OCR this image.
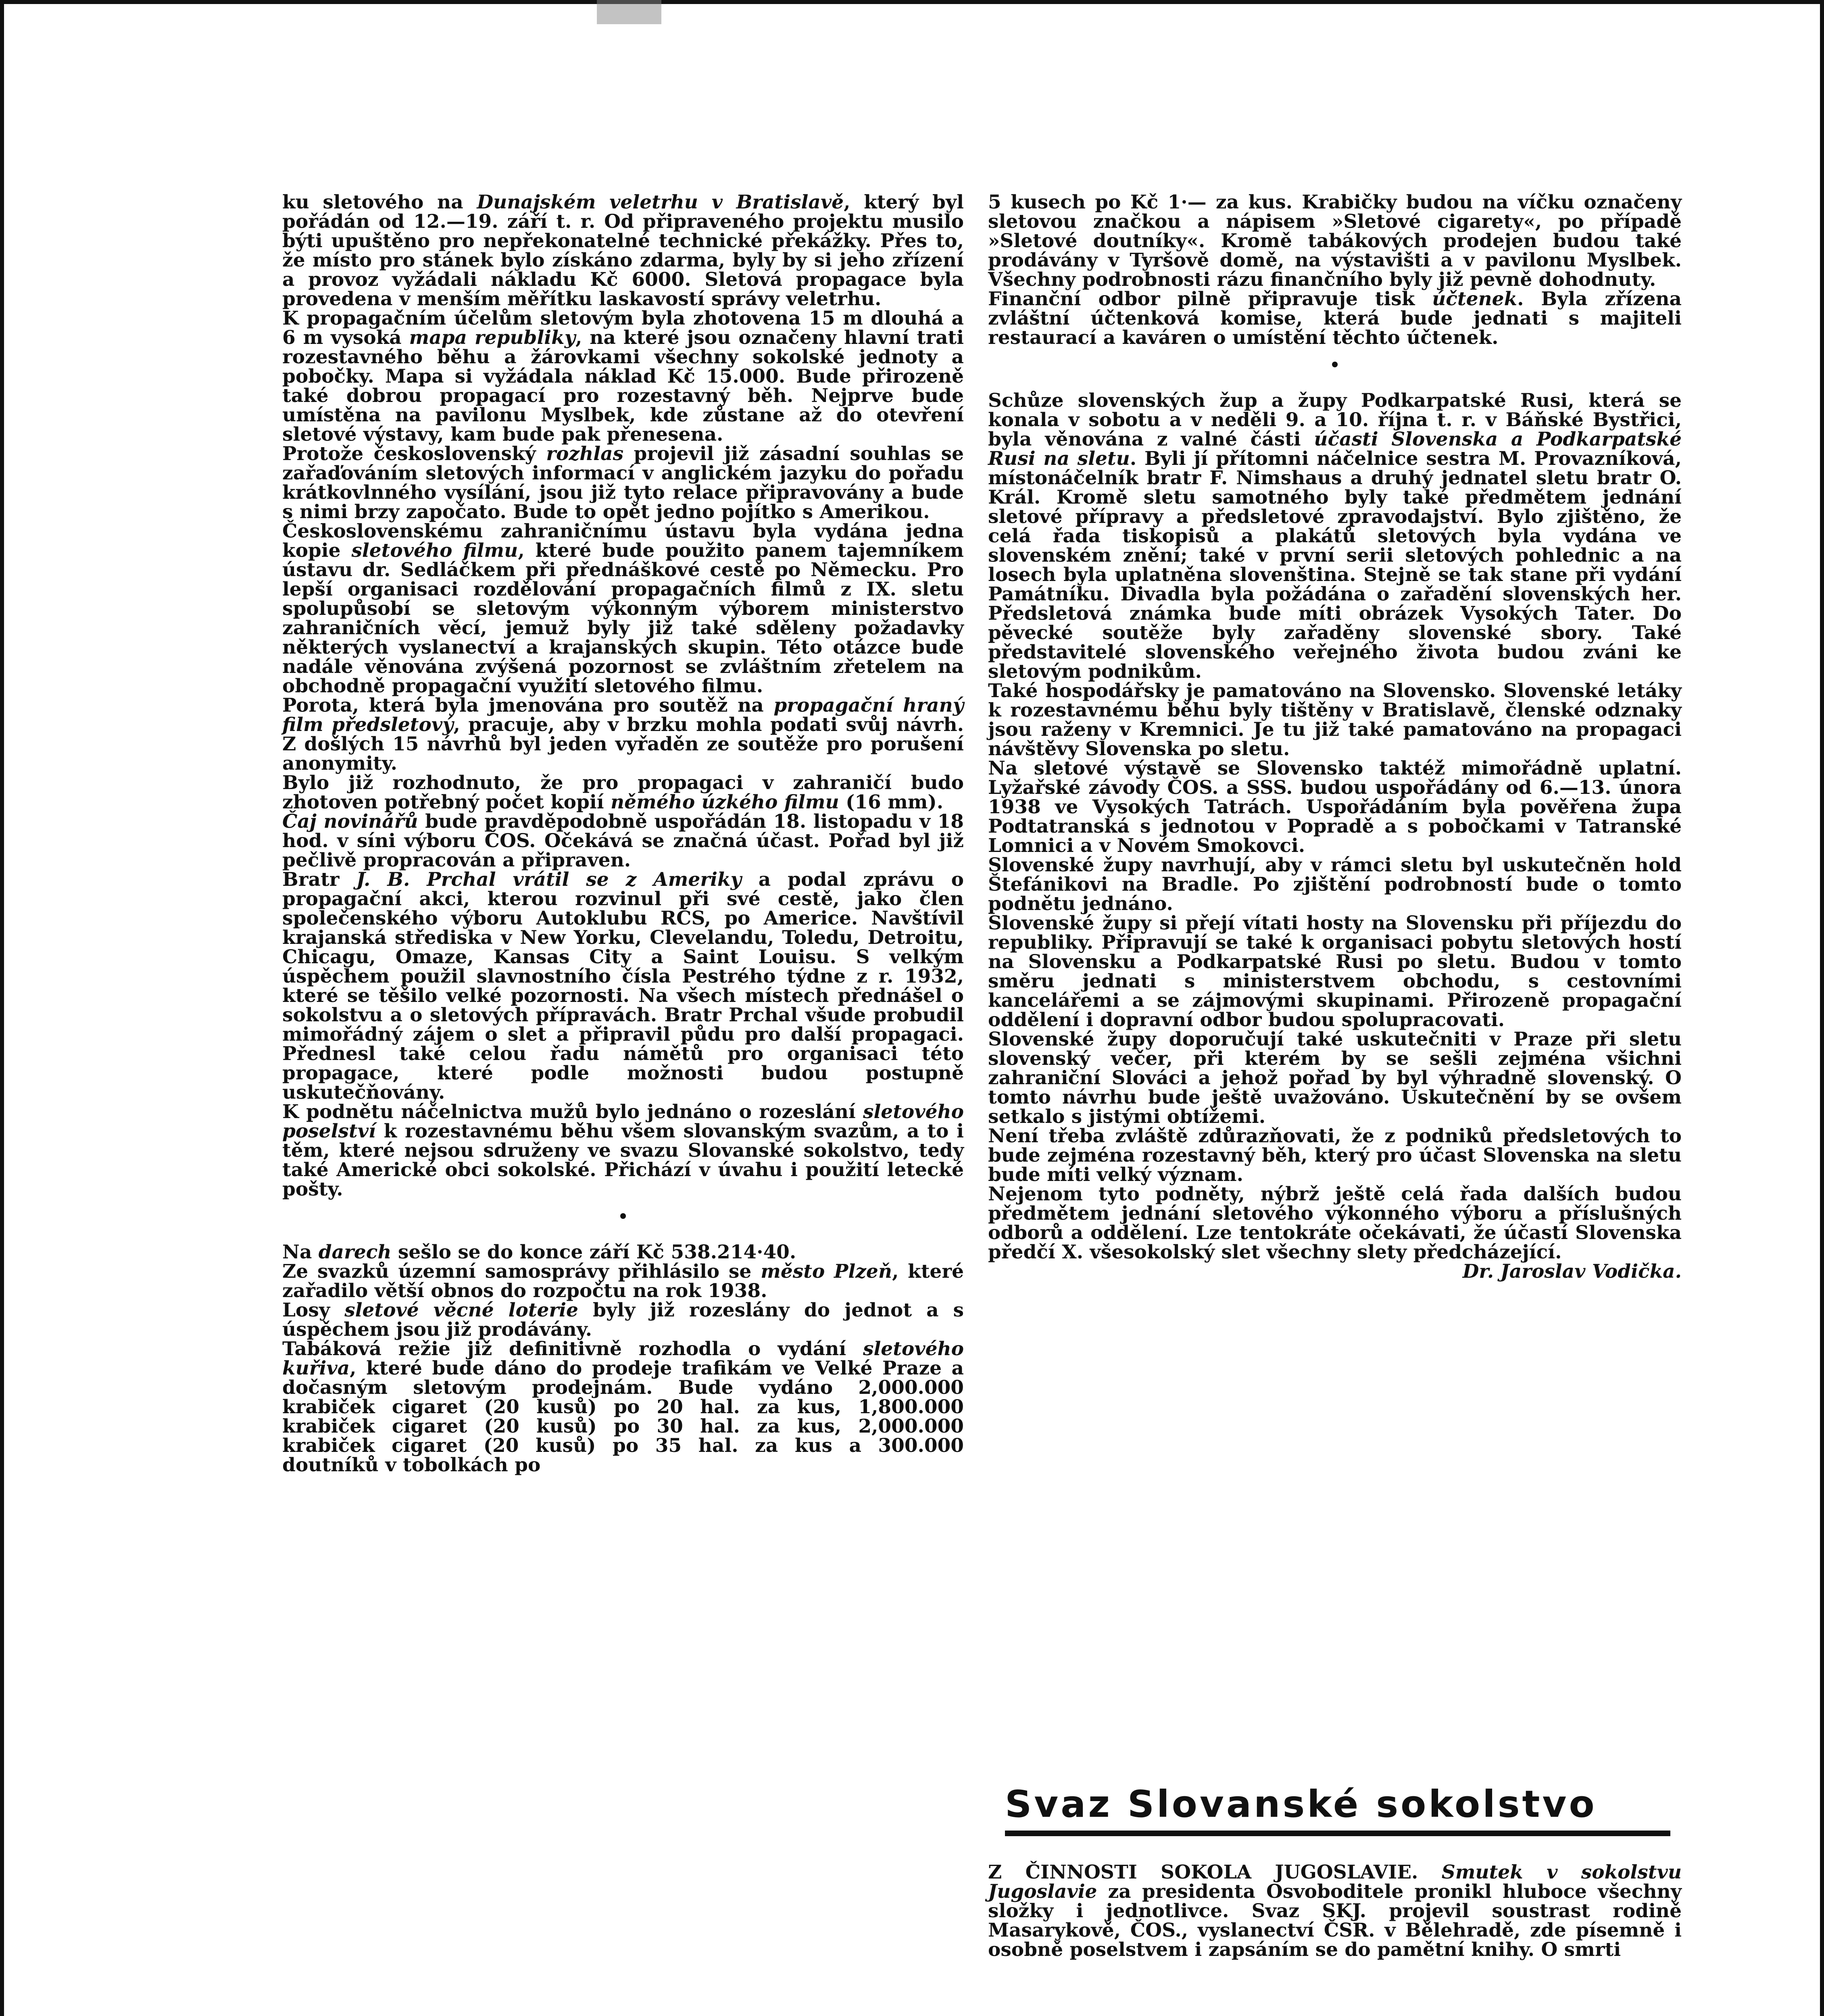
ku sletového na Dunajském veletrhu v Bratislavě, který byl pořádán od 12.—19. září t. r. Od připraveného projektu musilo býti upuštěno pro nepřekonatelné technické překážky. Přes to, že místo pro stánek bylo získáno zdarma, byly by si jeho zřízení a provoz vyžádali nákladu Kč 6000. Sletová propagace byla provedena v menším měřítku laskavostí správy veletrhu.

K propagačním účelům sletovým byla zhotovena 15 m dlouhá a 6 m vysoká mapa republiky, na které jsou označeny hlavní trati rozestavného běhu a žárovkami všechny sokolské jednoty a pobočky. Mapa si vyžádala náklad Kč 15.000. Bude přirozeně také dobrou propagací pro rozestavný běh. Nejprve bude umístěna na pavilonu Myslbek, kde zůstane až do otevření sletové výstavy, kam bude pak přenesena.

Protože československý rozhlas projevil již zásadní souhlas se zařaďováním sletových informací v anglickém jazyku do pořadu krátkovlnného vysílání, jsou již tyto relace připravovány a bude s nimi brzy započato. Bude to opět jedno pojítko s Amerikou.

Československému zahraničnímu ústavu byla vydána jedna kopie sletového filmu, které bude použito panem tajemníkem ústavu dr. Sedláčkem při přednáškové cestě po Německu. Pro lepší organisaci rozdělování propagačních filmů z IX. sletu spolupůsobí se sletovým výkonným výborem ministerstvo zahraničních věcí, jemuž byly již také sděleny požadavky některých vyslanectví a krajanských skupin. Této otázce bude nadále věnována zvýšená pozornost se zvláštním zřetelem na obchodně propagační využití sletového filmu.

Porota, která byla jmenována pro soutěž na propagační hraný film předsletový, pracuje, aby v brzku mohla podati svůj návrh. Z došlých 15 návrhů byl jeden vyřaděn ze soutěže pro porušení anonymity.

Bylo již rozhodnuto, že pro propagaci v zahraničí budo zhotoven potřebný počet kopií němého úzkého filmu (16 mm).

Čaj novinářů bude pravděpodobně uspořádán 18. listopadu v 18 hod. v síni výboru ČOS. Očekává se značná účast. Pořad byl již pečlivě propracován a připraven.

Bratr J. B. Prchal vrátil se z Ameriky a podal zprávu o propagační akci, kterou rozvinul při své cestě, jako člen společenského výboru Autoklubu RČS, po Americe. Navštívil krajanská střediska v New Yorku, Clevelandu, Toledu, Detroitu, Chicagu, Omaze, Kansas City a Saint Louisu. S velkým úspěchem použil slavnostního čísla Pestrého týdne z r. 1932, které se těšilo velké pozornosti. Na všech místech přednášel o sokolstvu a o sletových přípravách. Bratr Prchal všude probudil mimořádný zájem o slet a připravil půdu pro další propagaci. Přednesl také celou řadu námětů pro organisaci této propagace, které podle možnosti budou postupně uskutečňovány.

K podnětu náčelnictva mužů bylo jednáno o rozeslání sletového poselství k rozestavnému běhu všem slovanským svazům, a to i těm, které nejsou sdruženy ve svazu Slovanské sokolstvo, tedy také Americké obci sokolské. Přichází v úvahu i použití letecké pošty.

•

Na darech sešlo se do konce září Kč 538.214·40.

Ze svazků územní samosprávy přihlásilo se město Plzeň, které zařadilo větší obnos do rozpočtu na rok 1938.

Losy sletové věcné loterie byly již rozeslány do jednot a s úspěchem jsou již prodávány.

Tabáková režie již definitivně rozhodla o vydání sletového kuřiva, které bude dáno do prodeje trafikám ve Velké Praze a dočasným sletovým prodejnám. Bude vydáno 2,000.000 krabiček cigaret (20 kusů) po 20 hal. za kus, 1,800.000 krabiček cigaret (20 kusů) po 30 hal. za kus, 2,000.000 krabiček cigaret (20 kusů) po 35 hal. za kus a 300.000 doutníků v tobolkách po

5 kusech po Kč 1·— za kus. Krabičky budou na víčku označeny sletovou značkou a nápisem »Sletové cigarety«, po případě »Sletové doutníky«. Kromě tabákových prodejen budou také prodávány v Tyršově domě, na výstavišti a v pavilonu Myslbek. Všechny podrobnosti rázu finančního byly již pevně dohodnuty.

Finanční odbor pilně připravuje tisk účtenek. Byla zřízena zvláštní účtenková komise, která bude jednati s majiteli restaurací a kaváren o umístění těchto účtenek.

•

Schůze slovenských žup a župy Podkarpatské Rusi, která se konala v sobotu a v neděli 9. a 10. října t. r. v Báňské Bystřici, byla věnována z valné části účasti Slovenska a Podkarpatské Rusi na sletu. Byli jí přítomni náčelnice sestra M. Provazníková, místonáčelník bratr F. Nimshaus a druhý jednatel sletu bratr O. Král. Kromě sletu samotného byly také předmětem jednání sletové přípravy a předsletové zpravodajství. Bylo zjištěno, že celá řada tiskopisů a plakátů sletových byla vydána ve slovenském znění; také v první serii sletových pohlednic a na losech byla uplatněna slovenština. Stejně se tak stane při vydání Památníku. Divadla byla požádána o zařadění slovenských her. Předsletová známka bude míti obrázek Vysokých Tater. Do pěvecké soutěže byly zařaděny slovenské sbory. Také představitelé slovenského veřejného života budou zváni ke sletovým podnikům.

Také hospodářsky je pamatováno na Slovensko. Slovenské letáky k rozestavnému běhu byly tištěny v Bratislavě, členské odznaky jsou raženy v Kremnici. Je tu již také pamatováno na propagaci návštěvy Slovenska po sletu.

Na sletové výstavě se Slovensko taktéž mimořádně uplatní. Lyžařské závody ČOS. a SSS. budou uspořádány od 6.—13. února 1938 ve Vysokých Tatrách. Uspořádáním byla pověřena župa Podtatranská s jednotou v Popradě a s pobočkami v Tatranské Lomnici a v Novém Smokovci.

Slovenské župy navrhují, aby v rámci sletu byl uskutečněn hold Štefánikovi na Bradle. Po zjištění podrobností bude o tomto podnětu jednáno.

Slovenské župy si přejí vítati hosty na Slovensku při příjezdu do republiky. Připravují se také k organisaci pobytu sletových hostí na Slovensku a Podkarpatské Rusi po sletu. Budou v tomto směru jednati s ministerstvem obchodu, s cestovními kancelářemi a se zájmovými skupinami. Přirozeně propagační oddělení i dopravní odbor budou spolupracovati.

Slovenské župy doporučují také uskutečniti v Praze při sletu slovenský večer, při kterém by se sešli zejména všichni zahraniční Slováci a jehož pořad by byl výhradně slovenský. O tomto návrhu bude ještě uvažováno. Uskutečnění by se ovšem setkalo s jistými obtížemi.

Není třeba zvláště zdůrazňovati, že z podniků předsletových to bude zejména rozestavný běh, který pro účast Slovenska na sletu bude míti velký význam.

Nejenom tyto podněty, nýbrž ještě celá řada dalších budou předmětem jednání sletového výkonného výboru a příslušných odborů a oddělení. Lze tentokráte očekávati, že účastí Slovenska předčí X. všesokolský slet všechny slety předcházející.

Dr. Jaroslav Vodička.

Svaz Slovanské sokolstvo

Z ČINNOSTI SOKOLA JUGOSLAVIE. Smutek v sokolstvu Jugoslavie za presidenta Osvoboditele pronikl hluboce všechny složky i jednotlivce. Svaz SKJ. projevil soustrast rodině Masarykově, ČOS., vyslanectví ČSR. v Bělehradě, zde písemně i osobně poselstvem i zapsáním se do pamětní knihy. O smrti
